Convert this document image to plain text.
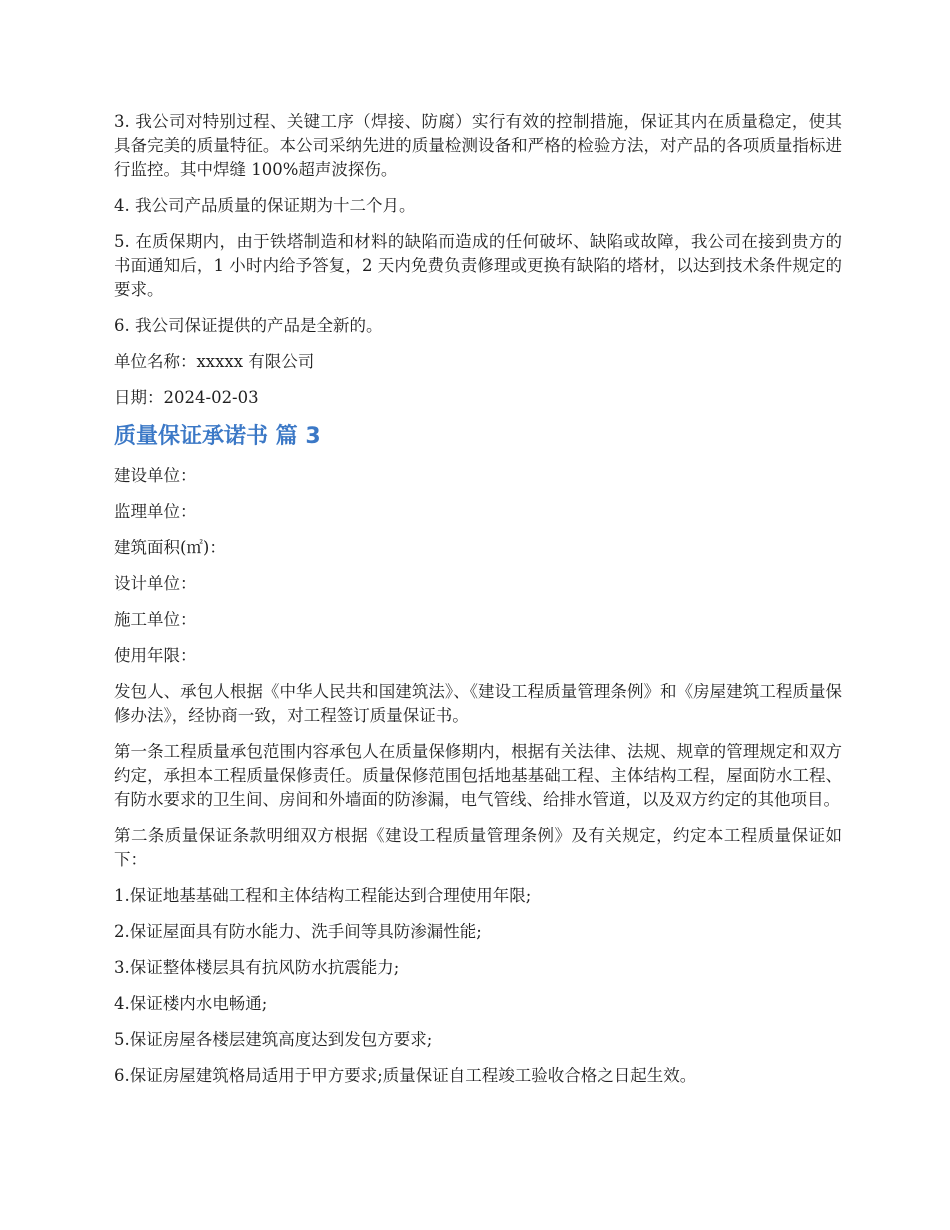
3. 我公司对特别过程、关键工序（焊接、防腐）实行有效的控制措施，保证其内在质量稳定，使其具备完美的质量特征。本公司采纳先进的质量检测设备和严格的检验方法，对产品的各项质量指标进行监控。其中焊缝 100%超声波探伤。

4. 我公司产品质量的保证期为十二个月。

5. 在质保期内，由于铁塔制造和材料的缺陷而造成的任何破坏、缺陷或故障，我公司在接到贵方的书面通知后，1 小时内给予答复，2 天内免费负责修理或更换有缺陷的塔材，以达到技术条件规定的要求。

6. 我公司保证提供的产品是全新的。

单位名称：xxxxx 有限公司

日期：2024-02-03

质量保证承诺书 篇 3

建设单位：

监理单位：

建筑面积(㎡)：

设计单位：

施工单位：

使用年限：

发包人、承包人根据《中华人民共和国建筑法》、《建设工程质量管理条例》和《房屋建筑工程质量保修办法》，经协商一致，对工程签订质量保证书。

第一条工程质量承包范围内容承包人在质量保修期内，根据有关法律、法规、规章的管理规定和双方约定，承担本工程质量保修责任。质量保修范围包括地基基础工程、主体结构工程，屋面防水工程、有防水要求的卫生间、房间和外墙面的防渗漏，电气管线、给排水管道，以及双方约定的其他项目。

第二条质量保证条款明细双方根据《建设工程质量管理条例》及有关规定，约定本工程质量保证如下：

1.保证地基基础工程和主体结构工程能达到合理使用年限;

2.保证屋面具有防水能力、洗手间等具防渗漏性能;

3.保证整体楼层具有抗风防水抗震能力;

4.保证楼内水电畅通;

5.保证房屋各楼层建筑高度达到发包方要求;

6.保证房屋建筑格局适用于甲方要求;质量保证自工程竣工验收合格之日起生效。
